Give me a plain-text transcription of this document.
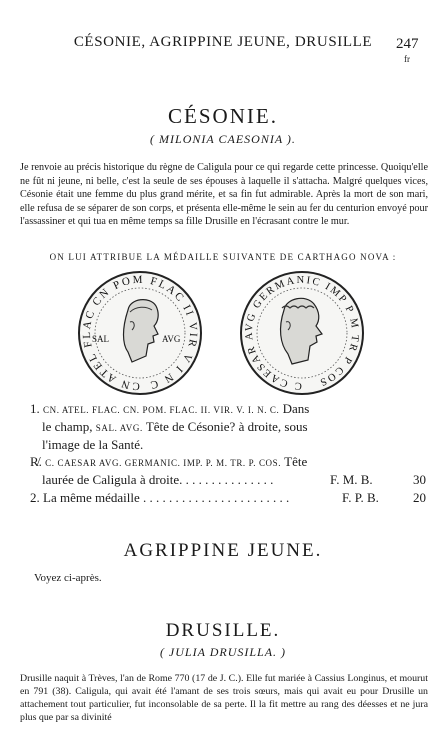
CÉSONIE, AGRIPPINE JEUNE, DRUSILLE	247
fr
CÉSONIE.
( MILONIA CAESONIA ).
Je renvoie au précis historique du règne de Caligula pour ce qui regarde cette princesse. Quoiqu'elle ne fût ni jeune, ni belle, c'est la seule de ses épouses à laquelle il s'attacha. Malgré quelques vices, Césonie était une femme du plus grand mérite, et sa fin fut admirable. Après la mort de son mari, elle refusa de se séparer de son corps, et présenta elle-même le sein au fer du centurion envoyé pour l'assassiner et qui tua en même temps sa fille Drusille en l'écrasant contre le mur.
ON LUI ATTRIBUE LA MÉDAILLE SUIVANTE DE CARTHAGO NOVA :
CN ATEL FLAC CN POM FLAC II VIR V I N C
SAL	AVG
C CAESAR AVG GERMANIC IMP P M TR P COS
1. CN. ATEL. FLAC. CN. POM. FLAC. II. VIR. V. I. N. C. Dans
le champ, SAL. AVG. Tête de Césonie? à droite, sous
l'image de la Santé.
R̸. C. CAESAR AVG. GERMANIC. IMP. P. M. TR. P. COS. Tête
laurée de Caligula à droite. . . . . . . . . . . . . . .	F. M. B.	30
2. La même médaille . . . . . . . . . . . . . . . . . . . . . . .	F. P. B.	20
AGRIPPINE JEUNE.
Voyez ci-après.
DRUSILLE.
( JULIA DRUSILLA. )
Drusille naquit à Trèves, l'an de Rome 770 (17 de J. C.). Elle fut mariée à Cassius Longinus, et mourut en 791 (38). Caligula, qui avait été l'amant de ses trois sœurs, mais qui avait eu pour Drusille un attachement tout particulier, fut inconsolable de sa perte. Il la fit mettre au rang des déesses et ne jura plus que par sa divinité
